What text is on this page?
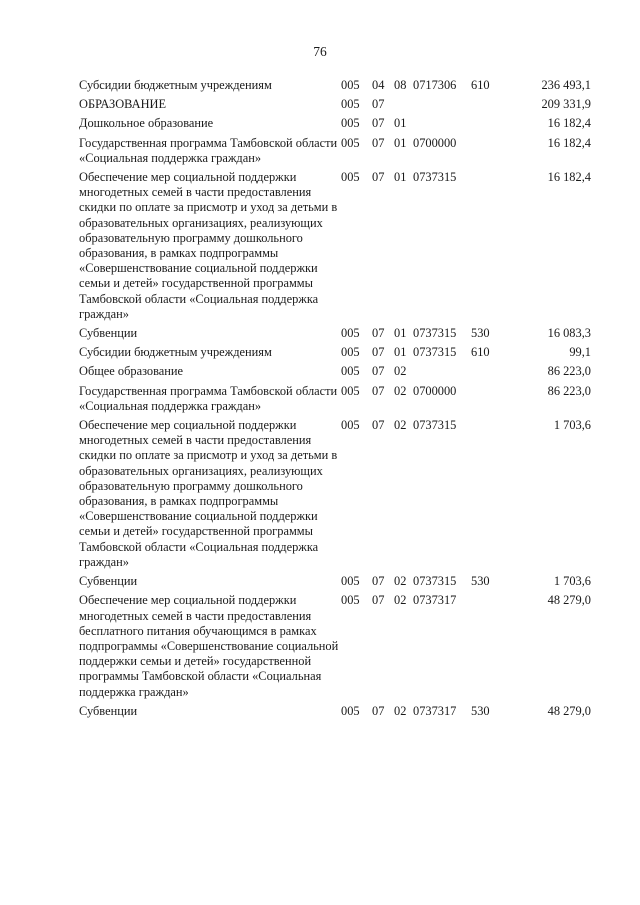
76
Субсидии бюджетным учреждениям	005	04	08	0717306	610	236 493,1
ОБРАЗОВАНИЕ	005	07				209 331,9
Дошкольное образование	005	07	01			16 182,4
Государственная программа Тамбовской области «Социальная поддержка граждан»	005	07	01	0700000		16 182,4
Обеспечение мер социальной поддержки многодетных семей в части предоставления скидки по оплате за присмотр и уход за детьми в образовательных организациях, реализующих образовательную программу дошкольного образования, в рамках подпрограммы «Совершенствование социальной поддержки семьи и детей» государственной программы Тамбовской области «Социальная поддержка граждан»	005	07	01	0737315		16 182,4
Субвенции	005	07	01	0737315	530	16 083,3
Субсидии бюджетным учреждениям	005	07	01	0737315	610	99,1
Общее образование	005	07	02			86 223,0
Государственная программа Тамбовской области «Социальная поддержка граждан»	005	07	02	0700000		86 223,0
Обеспечение мер социальной поддержки многодетных семей в части предоставления скидки по оплате за присмотр и уход за детьми в образовательных организациях, реализующих образовательную программу дошкольного образования, в рамках подпрограммы «Совершенствование социальной поддержки семьи и детей» государственной программы Тамбовской области «Социальная поддержка граждан»	005	07	02	0737315		1 703,6
Субвенции	005	07	02	0737315	530	1 703,6
Обеспечение мер социальной поддержки многодетных семей в части предоставления бесплатного питания обучающимся в рамках подпрограммы «Совершенствование социальной поддержки семьи и детей» государственной программы Тамбовской области «Социальная поддержка граждан»	005	07	02	0737317		48 279,0
Субвенции	005	07	02	0737317	530	48 279,0
